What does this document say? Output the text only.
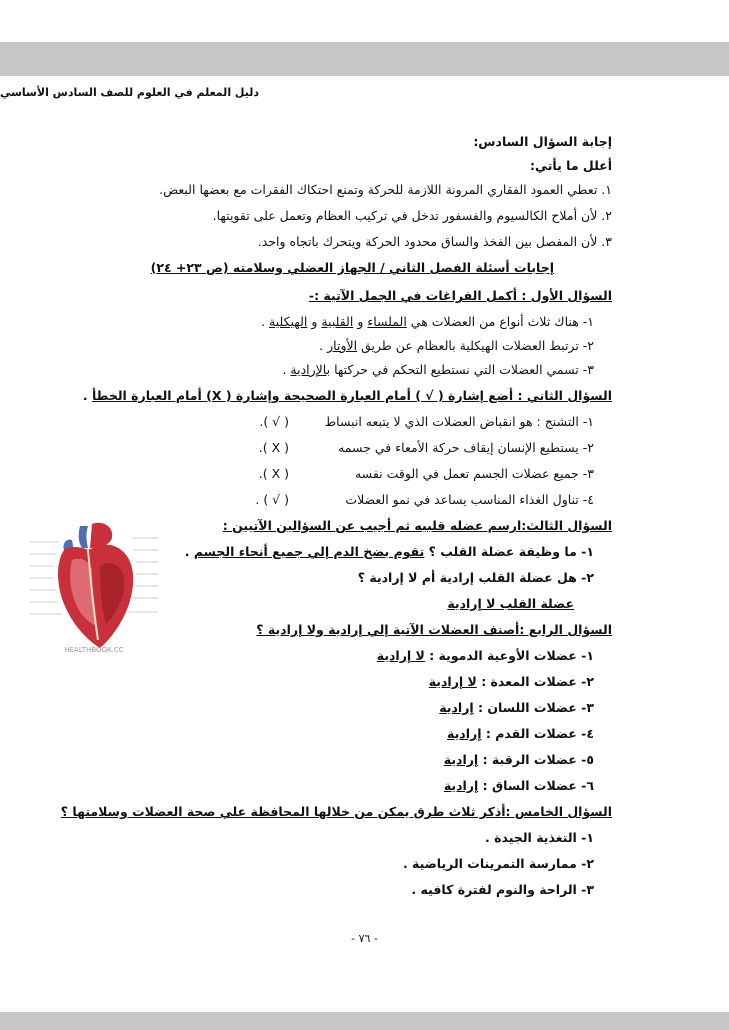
دليل المعلم في العلوم للصف السادس الأساسي
إجابة السؤال السادس:
أعلل ما يأتي:
١. تعطي العمود الفقاري المرونة اللازمة للحركة وتمنع احتكاك الفقرات مع بعضها البعض.
٢. لأن أملاح الكالسيوم والفسفور تدخل في تركيب العظام وتعمل على تقويتها.
٣. لأن المفصل بين الفخذ والساق محدود الحركة ويتحرك باتجاه واحد.
إجابات أسئلة الفصل الثاني / الجهاز العضلي وسلامته (ص ٢٣+ ٢٤)
السؤال الأول : أكمل الفراغات في الجمل الآتية :-
١- هناك ثلاث أنواع من العضلات هي الملساء و القلبية و الهيكلية .
٢- ترتبط العضلات الهيكلية بالعظام عن طريق الأوتار .
٣- تسمي العضلات التي نستطيع التحكم في حركتها بالإرادية .
السؤال الثاني : أضع إشارة ( √ ) أمام العبارة الصحيحة وإشارة ( X) أمام العبارة الخطأ .
١- التشنج : هو انقباض العضلات الذي لا يتبعه انبساط
( √ ).
٢- يستطيع الإنسان إيقاف حركة الأمعاء في جسمه
( X ).
٣- جميع عضلات الجسم تعمل في الوقت نفسه
( X ).
٤- تناول الغذاء المناسب يساعد في نمو العضلات
( √ ) .
السؤال الثالث:ارسم عضله قلبيه ثم أجيب عن السؤالين الآتيين :
١- ما وظيفة عضلة القلب ؟ تقوم بضخ الدم إلي جميع أنحاء الجسم .
٢- هل عضلة القلب إرادية أم لا إرادية ؟
عضلة القلب لا إرادية
HEALTHBOOK.CC
السؤال الرابع :أصنف العضلات الآتية إلي إرادية ولا إرادية ؟
١- عضلات الأوعية الدموية : لا إرادية
٢- عضلات المعدة : لا إرادية
٣- عضلات اللسان : إرادية
٤- عضلات القدم : إرادية
٥- عضلات الرقبة : إرادية
٦- عضلات الساق : إرادية
السؤال الخامس :أذكر ثلاث طرق يمكن من خلالها المحافظة علي صحة العضلات وسلامتها ؟
١- التغذية الجيدة .
٢- ممارسة التمرينات الرياضية .
٣- الراحة والنوم لفترة كافيه .
- ٧٦ -
